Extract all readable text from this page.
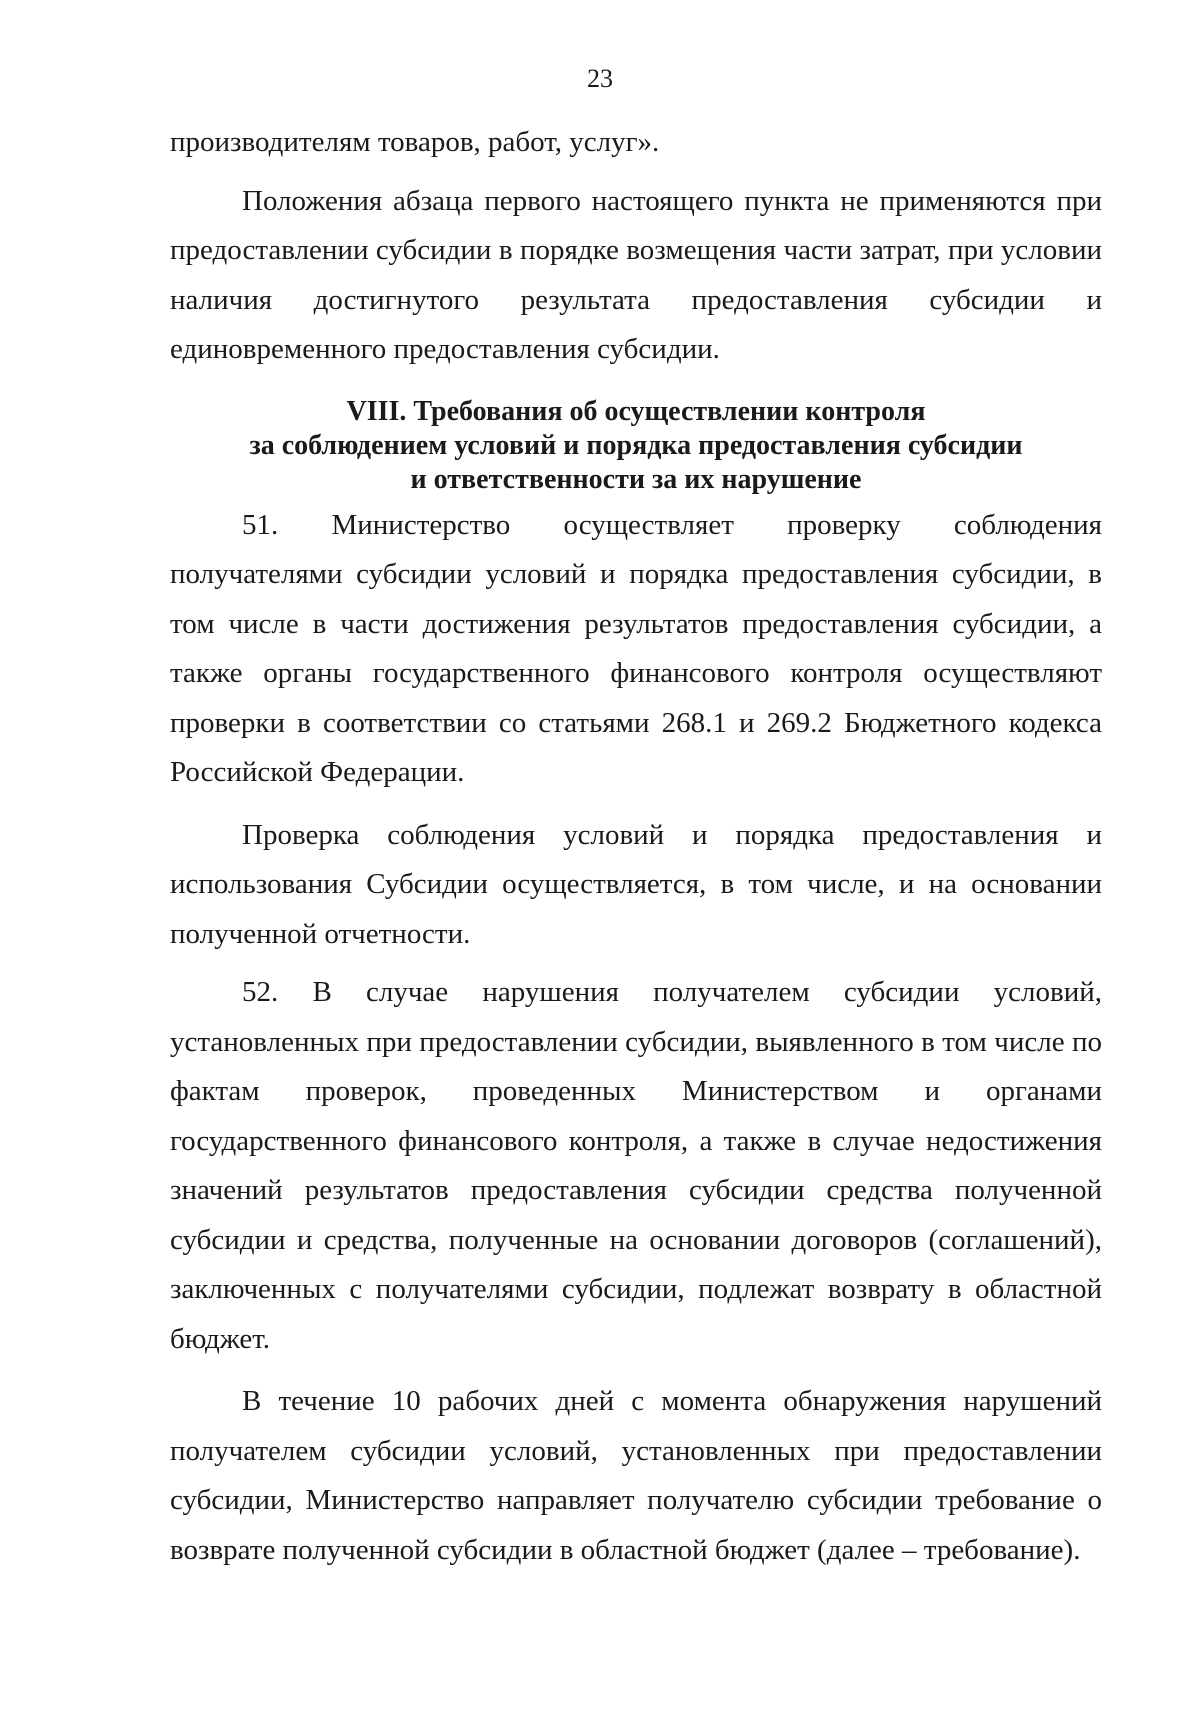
23

производителям товаров, работ, услуг».

Положения абзаца первого настоящего пункта не применяются при предоставлении субсидии в порядке возмещения части затрат, при условии наличия достигнутого результата предоставления субсидии и единовременного предоставления субсидии.

VIII. Требования об осуществлении контроля
за соблюдением условий и порядка предоставления субсидии
и ответственности за их нарушение

51.    Министерство    осуществляет    проверку    соблюдения получателями субсидии условий и порядка предоставления субсидии, в том числе в части достижения результатов предоставления субсидии, а также органы государственного финансового контроля осуществляют проверки в соответствии со статьями 268.1 и 269.2 Бюджетного кодекса Российской Федерации.

Проверка соблюдения условий и порядка предоставления и использования Субсидии осуществляется, в том числе, и на основании полученной отчетности.

52.  В  случае  нарушения  получателем  субсидии  условий, установленных при предоставлении субсидии, выявленного в том числе по фактам проверок, проведенных Министерством и органами государственного финансового контроля, а также в случае недостижения значений результатов предоставления субсидии средства полученной субсидии и средства, полученные на основании договоров (соглашений), заключенных с получателями субсидии, подлежат возврату в областной бюджет.

В течение 10 рабочих дней с момента обнаружения нарушений получателем субсидии условий, установленных при предоставлении субсидии, Министерство направляет получателю субсидии требование о возврате полученной субсидии в областной бюджет (далее – требование).
